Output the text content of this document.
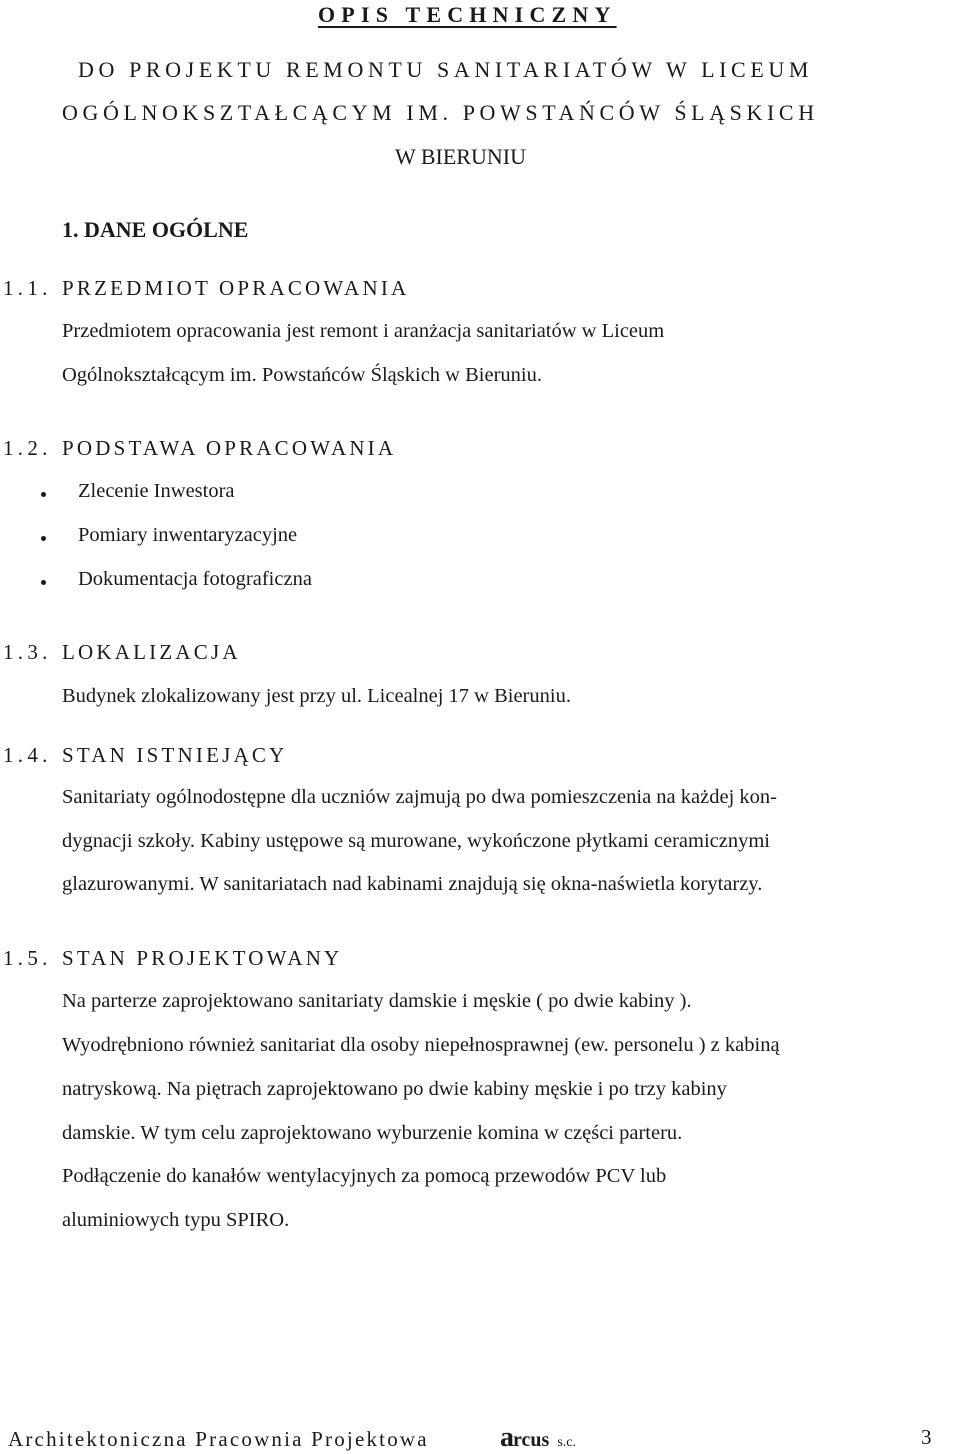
OPIS TECHNICZNY
DO PROJEKTU REMONTU SANITARIATÓW W LICEUM
OGÓLNOKSZTAŁCĄCYM IM. POWSTAŃCÓW ŚLĄSKICH
W BIERUNIU
1. DANE OGÓLNE
1.1. PRZEDMIOT OPRACOWANIA
Przedmiotem opracowania jest remont i aranżacja sanitariatów w Liceum
Ogólnokształcącym im. Powstańców Śląskich w Bieruniu.
1.2. PODSTAWA OPRACOWANIA
Zlecenie Inwestora
Pomiary inwentaryzacyjne
Dokumentacja fotograficzna
1.3. LOKALIZACJA
Budynek zlokalizowany jest przy ul. Licealnej 17 w Bieruniu.
1.4. STAN ISTNIEJĄCY
Sanitariaty ogólnodostępne dla uczniów zajmują po dwa pomieszczenia na każdej kon-
dygnacji szkoły. Kabiny ustępowe są murowane, wykończone płytkami ceramicznymi
glazurowanymi. W sanitariatach nad kabinami znajdują się okna-naświetla korytarzy.
1.5. STAN PROJEKTOWANY
Na parterze zaprojektowano sanitariaty damskie i męskie ( po dwie kabiny ).
Wyodrębniono również sanitariat dla osoby niepełnosprawnej (ew. personelu ) z kabiną
natryskową. Na piętrach zaprojektowano po dwie kabiny męskie i po trzy kabiny
damskie. W tym celu zaprojektowano wyburzenie komina w części parteru.
Podłączenie do kanałów wentylacyjnych za pomocą przewodów PCV lub
aluminiowych typu SPIRO.
Architektoniczna Pracownia Projektowa	arcus s.c.	3
